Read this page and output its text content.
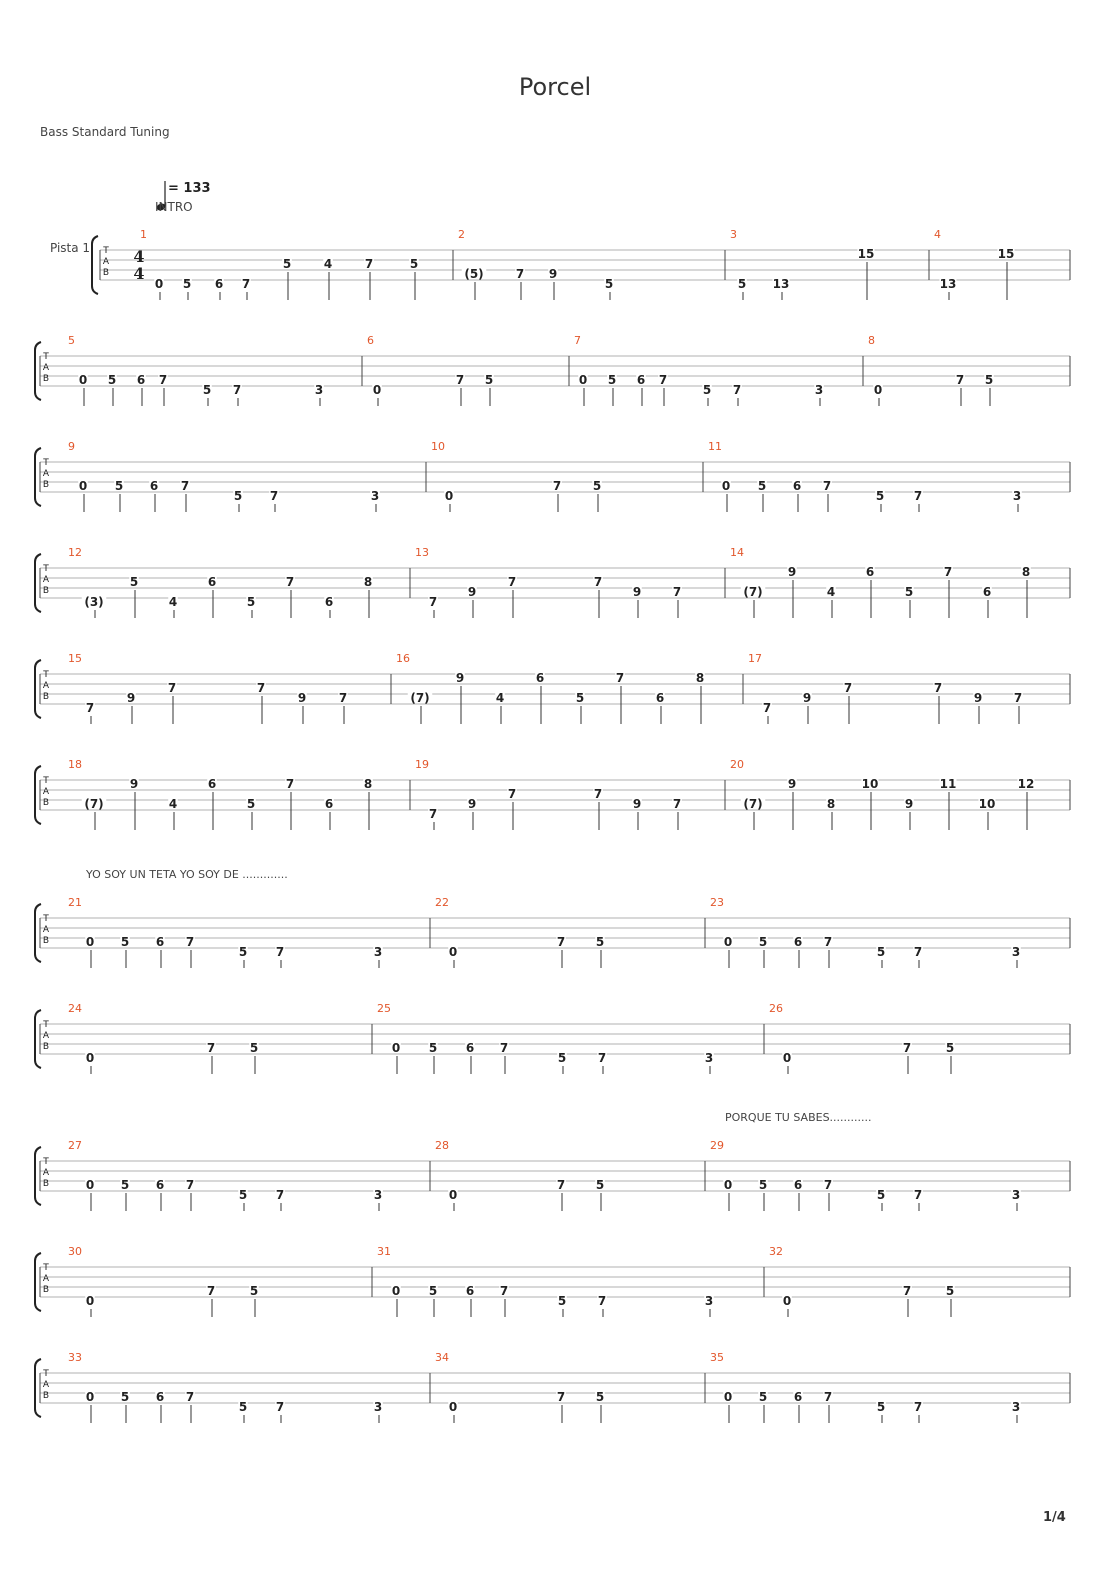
Porcel
Bass Standard Tuning
= 133
INTRO
Pista 1
YO SOY UN TETA YO SOY DE .............
PORQUE TU SABES............
1/4
T
A
B
4
4
1
0 5 6 7
5	4	7	5
2
(5)	7 9
5
3
5 13
15
4
13
15
T
A
B
5
0 5 6 7
5 7	3
6
0
7 5
7
0 5 6 7
5 7	3
8
0
7 5
T
A
B
9
0 5 6 7
5 7	3
10
0
7	5
11
0 5 6 7
5 7	3
T
A
B
12
(3)
5
4
6
5
7
6
8
13
7
9
7	7
9	7
14
(7)
9
4
6
5
7
6
8
T
A
B
15
7
9
7	7
9	7
16
(7)
9
4
6
5
7
6
8
17
7
9
7	7
9	7
T
A
B
18
(7)
9
4
6
5
7
6
8
19
7
9
7	7
9	7
20
(7)
9
8
10
9
11
10
12
T
A
B
21
0 5 6 7
5 7	3
22
0
7	5
23
0 5 6 7
5 7	3
T
A
B
24
0
7	5
25
0 5 6 7
5	7	3
26
0
7	5
T
A
B
27
0 5 6 7
5 7	3
28
0
7	5
29
0 5 6 7
5 7	3
T
A
B
30
0
7	5
31
0 5 6 7
5	7	3
32
0
7	5
T
A
B
33
0 5 6 7
5 7	3
34
0
7	5
35
0 5 6 7
5 7	3
